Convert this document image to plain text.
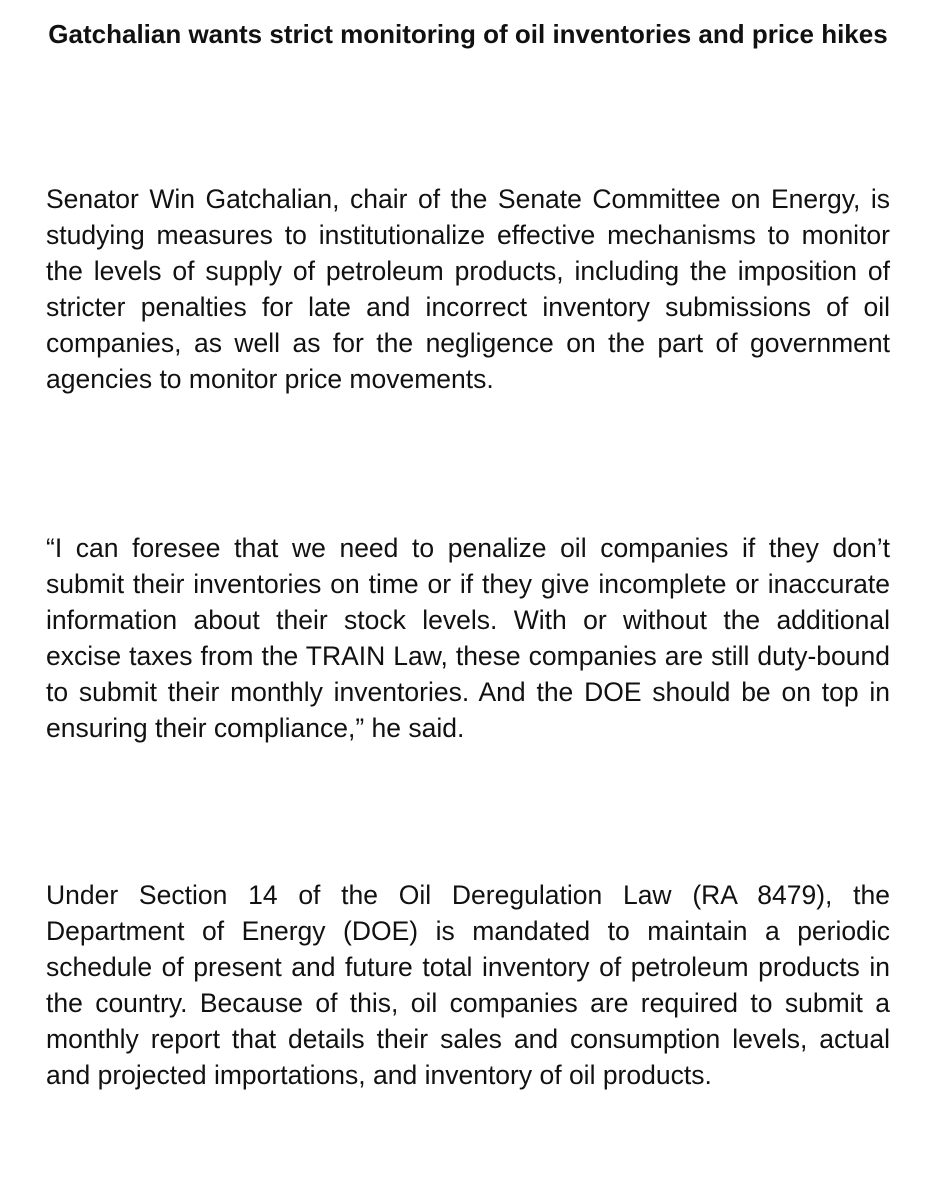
Gatchalian wants strict monitoring of oil inventories and price hikes

Senator Win Gatchalian, chair of the Senate Committee on Energy, is studying measures to institutionalize effective mechanisms to monitor the levels of supply of petroleum products, including the imposition of stricter penalties for late and incorrect inventory submissions of oil companies, as well as for the negligence on the part of government agencies to monitor price movements.

“I can foresee that we need to penalize oil companies if they don’t submit their inventories on time or if they give incomplete or inaccurate information about their stock levels. With or without the additional excise taxes from the TRAIN Law, these companies are still duty-bound to submit their monthly inventories. And the DOE should be on top in ensuring their compliance,” he said.

Under Section 14 of the Oil Deregulation Law (RA 8479), the Department of Energy (DOE) is mandated to maintain a periodic schedule of present and future total inventory of petroleum products in the country. Because of this, oil companies are required to submit a monthly report that details their sales and consumption levels, actual and projected importations, and inventory of oil products.
